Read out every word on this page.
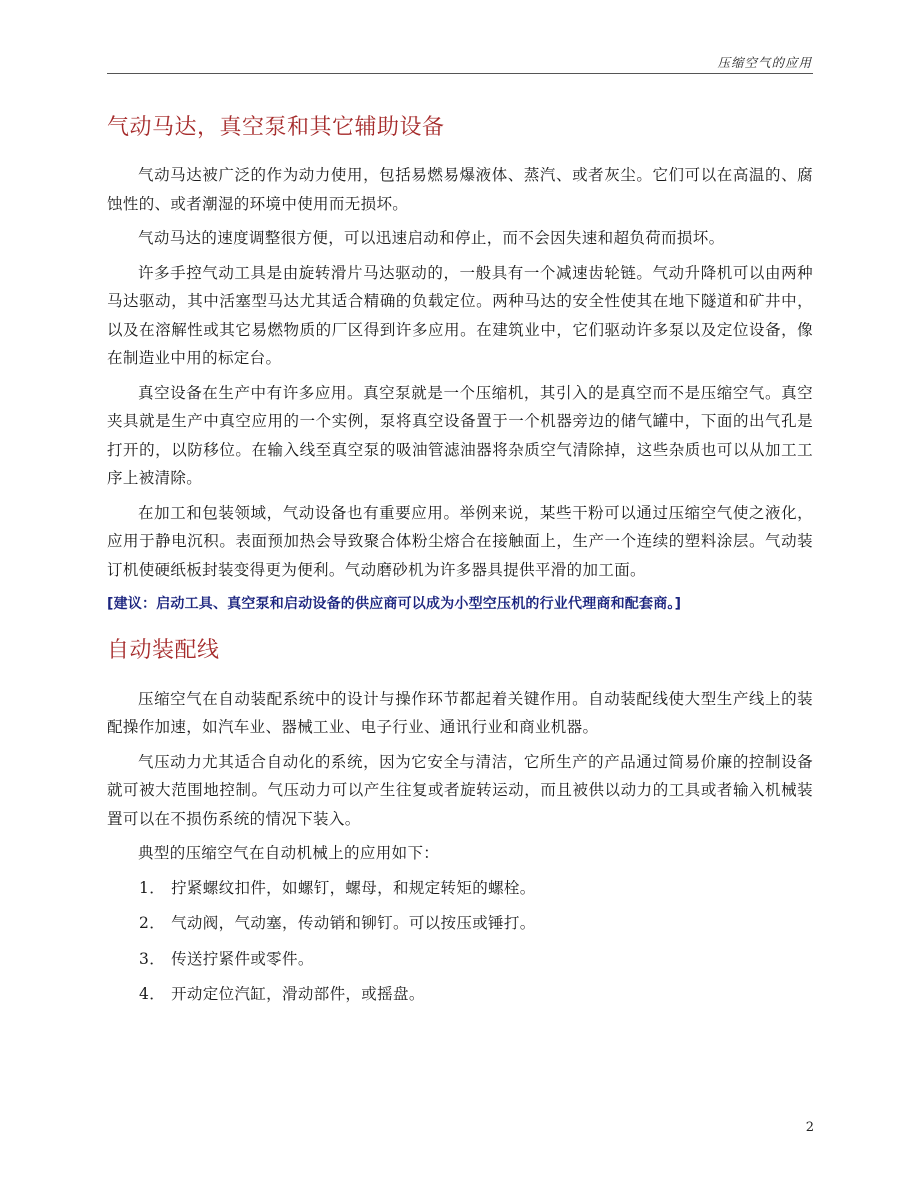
压缩空气的应用
气动马达，真空泵和其它辅助设备

气动马达被广泛的作为动力使用，包括易燃易爆液体、蒸汽、或者灰尘。它们可以在高温的、腐蚀性的、或者潮湿的环境中使用而无损坏。

气动马达的速度调整很方便，可以迅速启动和停止，而不会因失速和超负荷而损坏。

许多手控气动工具是由旋转滑片马达驱动的，一般具有一个减速齿轮链。气动升降机可以由两种马达驱动，其中活塞型马达尤其适合精确的负载定位。两种马达的安全性使其在地下隧道和矿井中，以及在溶解性或其它易燃物质的厂区得到许多应用。在建筑业中，它们驱动许多泵以及定位设备，像在制造业中用的标定台。

真空设备在生产中有许多应用。真空泵就是一个压缩机，其引入的是真空而不是压缩空气。真空夹具就是生产中真空应用的一个实例，泵将真空设备置于一个机器旁边的储气罐中，下面的出气孔是打开的，以防移位。在输入线至真空泵的吸油管滤油器将杂质空气清除掉，这些杂质也可以从加工工序上被清除。

在加工和包装领域，气动设备也有重要应用。举例来说，某些干粉可以通过压缩空气使之液化，应用于静电沉积。表面预加热会导致聚合体粉尘熔合在接触面上，生产一个连续的塑料涂层。气动装订机使硬纸板封装变得更为便利。气动磨砂机为许多器具提供平滑的加工面。

[建议：启动工具、真空泵和启动设备的供应商可以成为小型空压机的行业代理商和配套商。]

自动装配线

压缩空气在自动装配系统中的设计与操作环节都起着关键作用。自动装配线使大型生产线上的装配操作加速，如汽车业、器械工业、电子行业、通讯行业和商业机器。

气压动力尤其适合自动化的系统，因为它安全与清洁，它所生产的产品通过简易价廉的控制设备就可被大范围地控制。气压动力可以产生往复或者旋转运动，而且被供以动力的工具或者输入机械装置可以在不损伤系统的情况下装入。

典型的压缩空气在自动机械上的应用如下：

1． 拧紧螺纹扣件，如螺钉，螺母，和规定转矩的螺栓。
2． 气动阀，气动塞，传动销和铆钉。可以按压或锤打。
3． 传送拧紧件或零件。
4． 开动定位汽缸，滑动部件，或摇盘。
2
